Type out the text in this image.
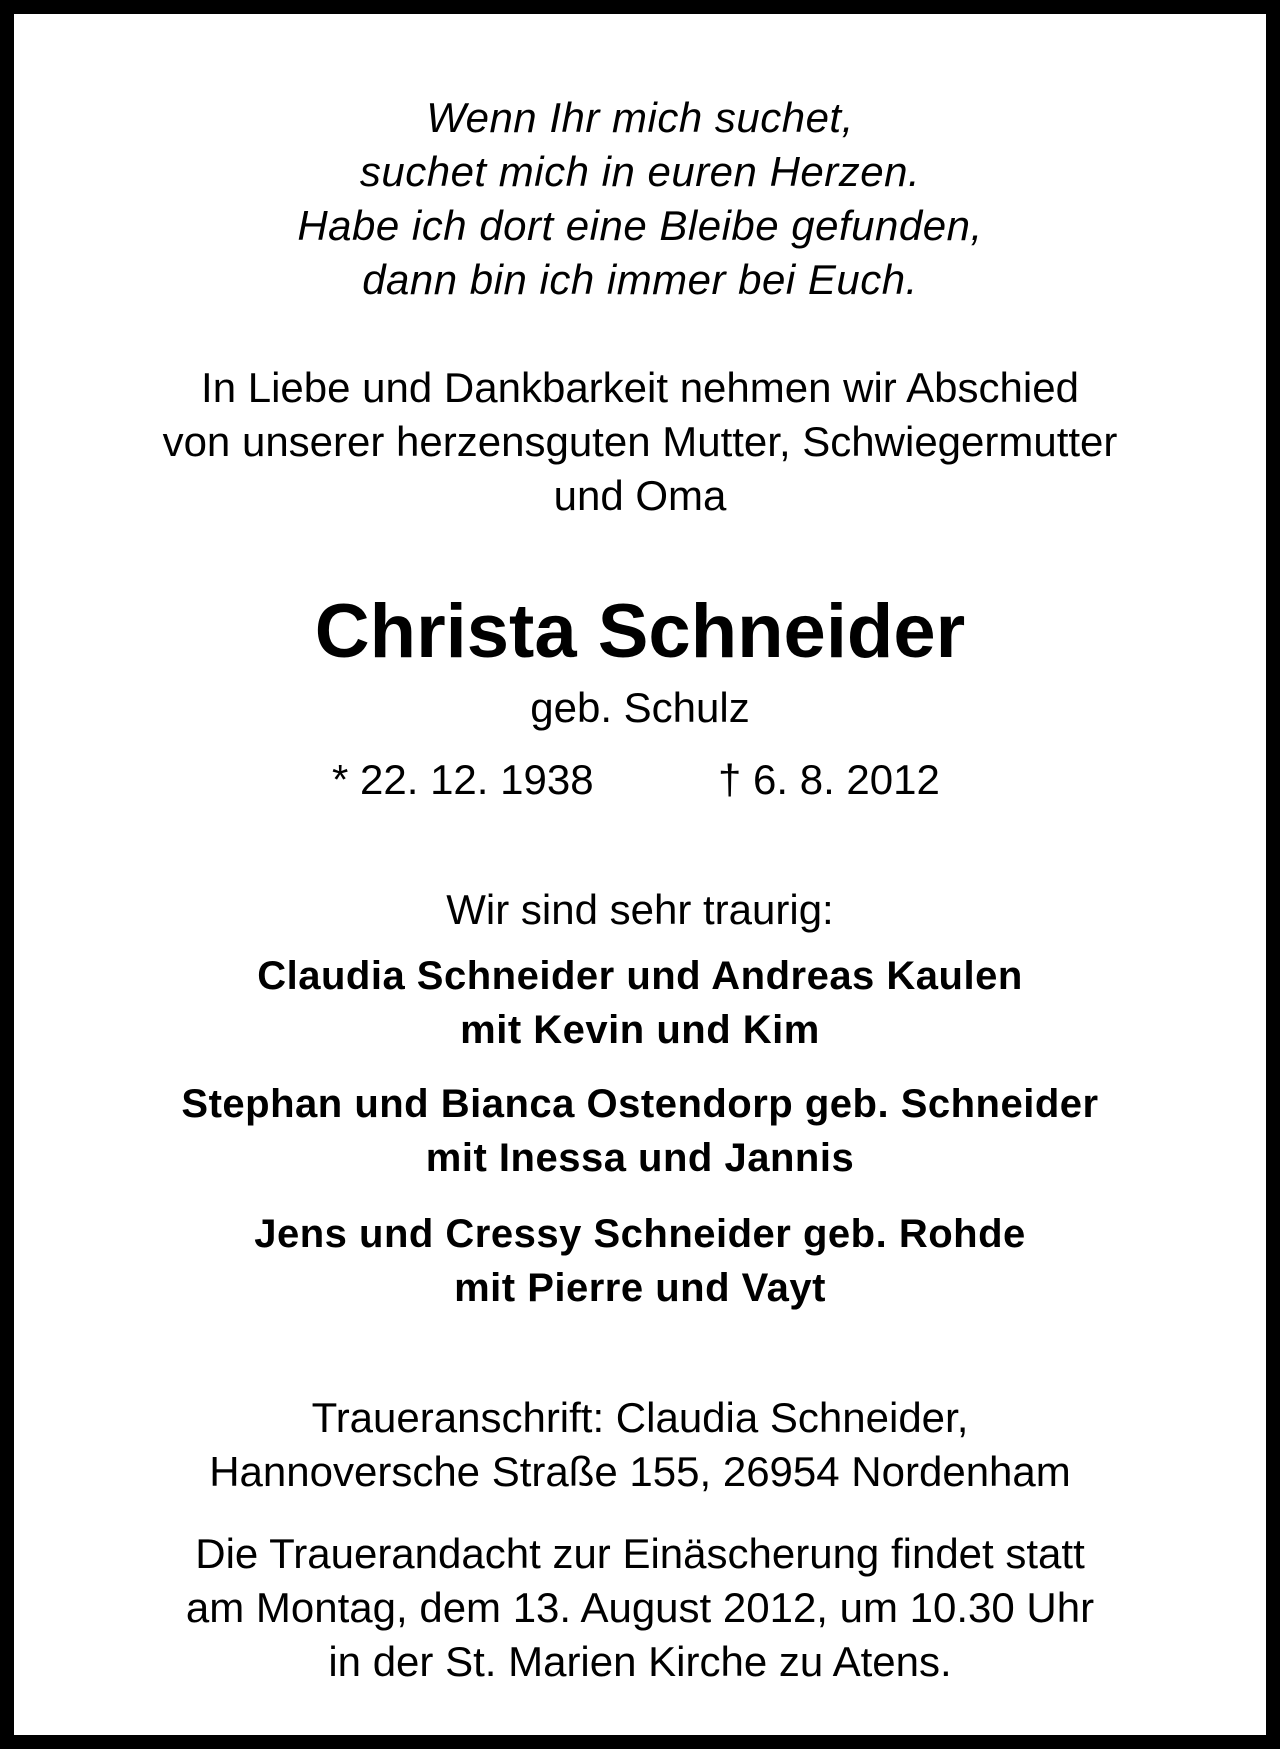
Wenn Ihr mich suchet,
suchet mich in euren Herzen.
Habe ich dort eine Bleibe gefunden,
dann bin ich immer bei Euch.
In Liebe und Dankbarkeit nehmen wir Abschied
von unserer herzensguten Mutter, Schwiegermutter
und Oma
Christa Schneider
geb. Schulz
* 22. 12. 1938	† 6. 8. 2012
Wir sind sehr traurig:
Claudia Schneider und Andreas Kaulen
mit Kevin und Kim
Stephan und Bianca Ostendorp geb. Schneider
mit Inessa und Jannis
Jens und Cressy Schneider geb. Rohde
mit Pierre und Vayt
Traueranschrift: Claudia Schneider,
Hannoversche Straße 155, 26954 Nordenham
Die Trauerandacht zur Einäscherung findet statt
am Montag, dem 13. August 2012, um 10.30 Uhr
in der St. Marien Kirche zu Atens.
